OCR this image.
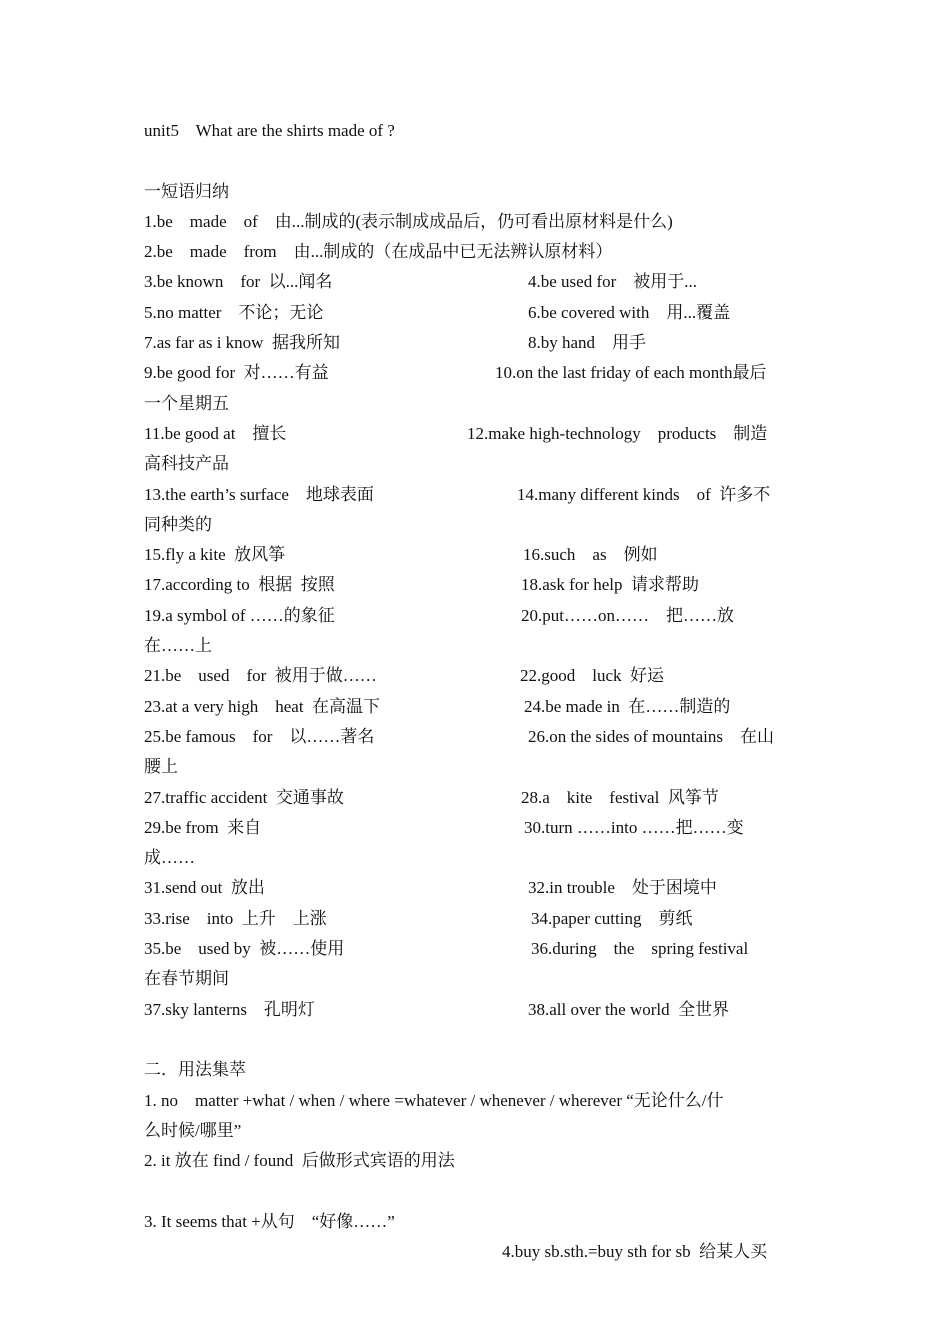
unit5    What are the shirts made of ?
一短语归纳
1.be    made    of    由...制成的(表示制成成品后，仍可看出原材料是什么)
2.be    made    from    由...制成的（在成品中已无法辨认原材料）
3.be known    for  以...闻名	4.be used for    被用于...
5.no matter    不论；无论	6.be covered with    用...覆盖
7.as far as i know  据我所知	8.by hand    用手
9.be good for  对……有益	10.on the last friday of each month最后
一个星期五
11.be good at    擅长	12.make high-technology    products    制造
高科技产品
13.the earth’s surface    地球表面	14.many different kinds    of  许多不
同种类的
15.fly a kite  放风筝	16.such    as    例如
17.according to  根据  按照	18.ask for help  请求帮助
19.a symbol of ……的象征	20.put……on……    把……放
在……上
21.be    used    for  被用于做……	22.good    luck  好运
23.at a very high    heat  在高温下	24.be made in  在……制造的
25.be famous    for    以……著名	26.on the sides of mountains    在山
腰上
27.traffic accident  交通事故	28.a    kite    festival  风筝节
29.be from  来自	30.turn ……into ……把……变
成……
31.send out  放出	32.in trouble    处于困境中
33.rise    into  上升    上涨	34.paper cutting    剪纸
35.be    used by  被……使用	36.during    the    spring festival
在春节期间
37.sky lanterns    孔明灯	38.all over the world  全世界
二．用法集萃
1. no    matter +what / when / where =whatever / whenever / wherever “无论什么/什
么时候/哪里”
2. it 放在 find / found  后做形式宾语的用法

3. It seems that +从句    “好像……”

4.buy sb.sth.=buy sth for sb  给某人买
